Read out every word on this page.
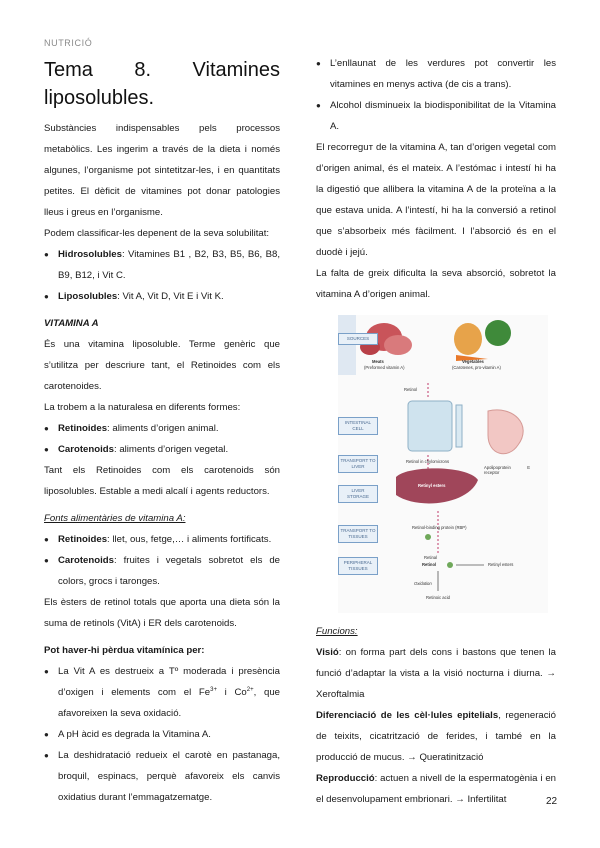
NUTRICIÓ
Tema 8. Vitamines liposolubles.

Substàncies indispensables pels processos metabòlics. Les ingerim a través de la dieta i només algunes, l’organisme pot sintetitzar-les, i en quantitats petites. El dèficit de vitamines pot donar patologies lleus i greus en l’organisme.

Podem classificar-les depenent de la seva solubilitat:

● Hidrosolubles: Vitamines B1 , B2, B3, B5, B6, B8, B9, B12, i Vit C.
● Liposolubles: Vit A, Vit D, Vit E i Vit K.

VITAMINA A

És una vitamina liposoluble. Terme genèric que s’utilitza per descriure tant, el Retinoides com els carotenoides.

La trobem a la naturalesa en diferents formes:

● Retinoides: aliments d’origen animal.
● Carotenoids: aliments d’origen vegetal.

Tant els Retinoides com els carotenoids són liposolubles. Estable a medi alcalí i agents reductors.

Fonts alimentàries de vitamina A:

● Retinoides: llet, ous, fetge,… i aliments fortificats.
● Carotenoids: fruites i vegetals sobretot els de colors, grocs i taronges.

Els èsters de retinol totals que aporta una dieta són la suma de retinols (VitA) i ER dels carotenoids.

Pot haver-hi pèrdua vitamínica per:

● La Vit A es destrueix a Tº moderada i presència d’oxigen i elements com el $Fe^{3+}$ i $Co^{2+}$, que afavoreixen la seva oxidació.
● A pH àcid es degrada la Vitamina A.
● La deshidratació redueix el carotè en pastanaga, broquil, espinacs, perquè afavoreix els canvis oxidatius durant l’emmagatzematge.
● L’enllaunat de les verdures pot convertir les vitamines en menys activa (de cis a trans).
● Alcohol disminueix la biodisponibilitat de la Vitamina A.

El recorreguт de la vitamina A, tan d’origen vegetal com d’origen animal, és el mateix. A l’estómac i intestí hi ha la digestió que allibera la vitamina A de la proteïna a la que estava unida. A l’intestí, hi ha la conversió a retinol que s’absorbeix més fàcilment. I l’absorció és en el duodè i jejú.

La falta de greix dificulta la seva absorció, sobretot la vitamina A d’origen animal.

SOURCES
Meats
(Preformed vitamin A)
Vegetables
(Carotenes, pro-vitamin A)
Retinol
INTESTINAL CELL
TRANSPORT TO LIVER
Retinol in chylomicrons
Apolipoprotein E receptor
LIVER STORAGE
Retinyl esters
TRANSPORT TO TISSUES
Retinol-binding protein (RBP)
PERIPHERAL TISSUES
Retinol	Retinyl esters
Retinal
Oxidation
Retinoic acid

Funcions:

Visió: on forma part dels cons i bastons que tenen la funció d’adaptar la vista a la visió nocturna i diurna. → Xeroftalmia

Diferenciació de les cèl·lules epitelials, regeneració de teixits, cicatrització de ferides, i també en la producció de mucus. → Queratinització

Reproducció: actuen a nivell de la espermatogènia i en el desenvolupament embrionari. → Infertilitat	22
